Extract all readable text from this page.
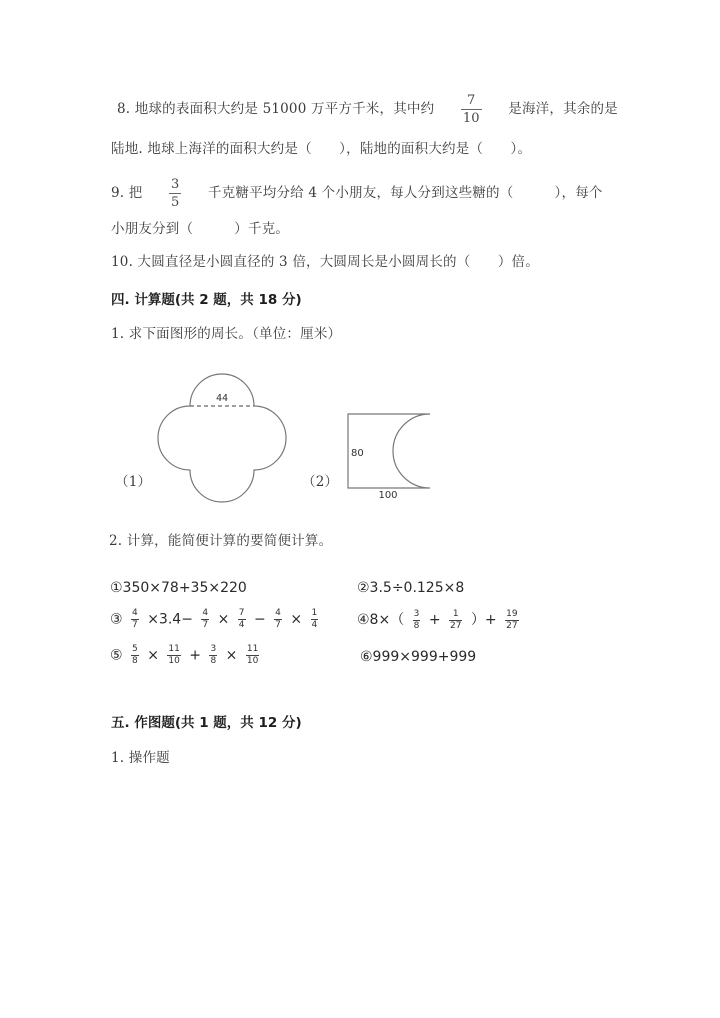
8. 地球的表面积大约是 51000 万平方千米，其中约 $\frac{7}{10}$ 是海洋，其余的是
陆地. 地球上海洋的面积大约是（　　），陆地的面积大约是（　　）。
9. 把 $\frac{3}{5}$ 千克糖平均分给 4 个小朋友，每人分到这些糖的（　　　），每个
小朋友分到（　　　）千克。
10. 大圆直径是小圆直径的 3 倍，大圆周长是小圆周长的（　　）倍。
四. 计算题(共 2 题，共 18 分)
1. 求下面图形的周长。（单位：厘米）
（1）
44
（2）
80
100
2. 计算，能简便计算的要简便计算。
①350×78+35×220	②3.5÷0.125×8
③ $\frac{4}{7} \times 3.4- \frac{4}{7} \times \frac{7}{4} - \frac{4}{7} \times \frac{1}{4}$	④8×（ $\frac{3}{8} + \frac{1}{27}$ ）+ $\frac{19}{27}$
⑤ $\frac{5}{8} \times \frac{11}{10} + \frac{3}{8} \times \frac{11}{10}$	⑥999×999+999
五. 作图题(共 1 题，共 12 分)
1. 操作题
